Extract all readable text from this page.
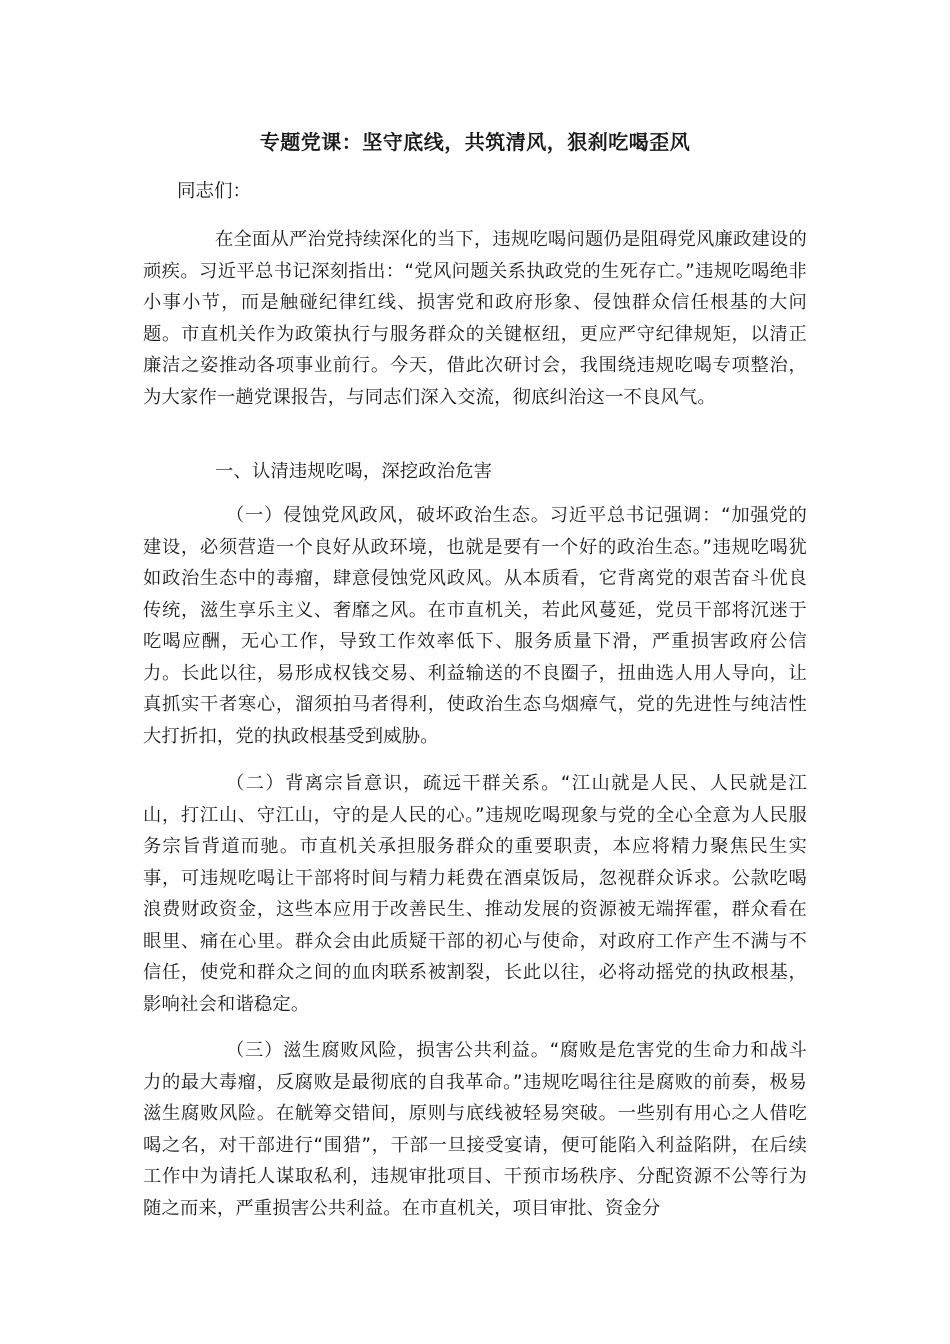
专题党课：坚守底线，共筑清风，狠刹吃喝歪风
同志们：

在全面从严治党持续深化的当下，违规吃喝问题仍是阻碍党风廉政建设的顽疾。习近平总书记深刻指出：“党风问题关系执政党的生死存亡。”违规吃喝绝非小事小节，而是触碰纪律红线、损害党和政府形象、侵蚀群众信任根基的大问题。市直机关作为政策执行与服务群众的关键枢纽，更应严守纪律规矩，以清正廉洁之姿推动各项事业前行。今天，借此次研讨会，我围绕违规吃喝专项整治，为大家作一趟党课报告，与同志们深入交流，彻底纠治这一不良风气。

一、认清违规吃喝，深挖政治危害

（一）侵蚀党风政风，破坏政治生态。习近平总书记强调：“加强党的建设，必须营造一个良好从政环境，也就是要有一个好的政治生态。”违规吃喝犹如政治生态中的毒瘤，肆意侵蚀党风政风。从本质看，它背离党的艰苦奋斗优良传统，滋生享乐主义、奢靡之风。在市直机关，若此风蔓延，党员干部将沉迷于吃喝应酬，无心工作，导致工作效率低下、服务质量下滑，严重损害政府公信力。长此以往，易形成权钱交易、利益输送的不良圈子，扭曲选人用人导向，让真抓实干者寒心，溜须拍马者得利，使政治生态乌烟瘴气，党的先进性与纯洁性大打折扣，党的执政根基受到威胁。

（二）背离宗旨意识，疏远干群关系。“江山就是人民、人民就是江山，打江山、守江山，守的是人民的心。”违规吃喝现象与党的全心全意为人民服务宗旨背道而驰。市直机关承担服务群众的重要职责，本应将精力聚焦民生实事，可违规吃喝让干部将时间与精力耗费在酒桌饭局，忽视群众诉求。公款吃喝浪费财政资金，这些本应用于改善民生、推动发展的资源被无端挥霍，群众看在眼里、痛在心里。群众会由此质疑干部的初心与使命，对政府工作产生不满与不信任，使党和群众之间的血肉联系被割裂，长此以往，必将动摇党的执政根基，影响社会和谐稳定。

（三）滋生腐败风险，损害公共利益。“腐败是危害党的生命力和战斗力的最大毒瘤，反腐败是最彻底的自我革命。”违规吃喝往往是腐败的前奏，极易滋生腐败风险。在觥筹交错间，原则与底线被轻易突破。一些别有用心之人借吃喝之名，对干部进行“围猎”，干部一旦接受宴请，便可能陷入利益陷阱，在后续工作中为请托人谋取私利，违规审批项目、干预市场秩序、分配资源不公等行为随之而来，严重损害公共利益。在市直机关，项目审批、资金分
